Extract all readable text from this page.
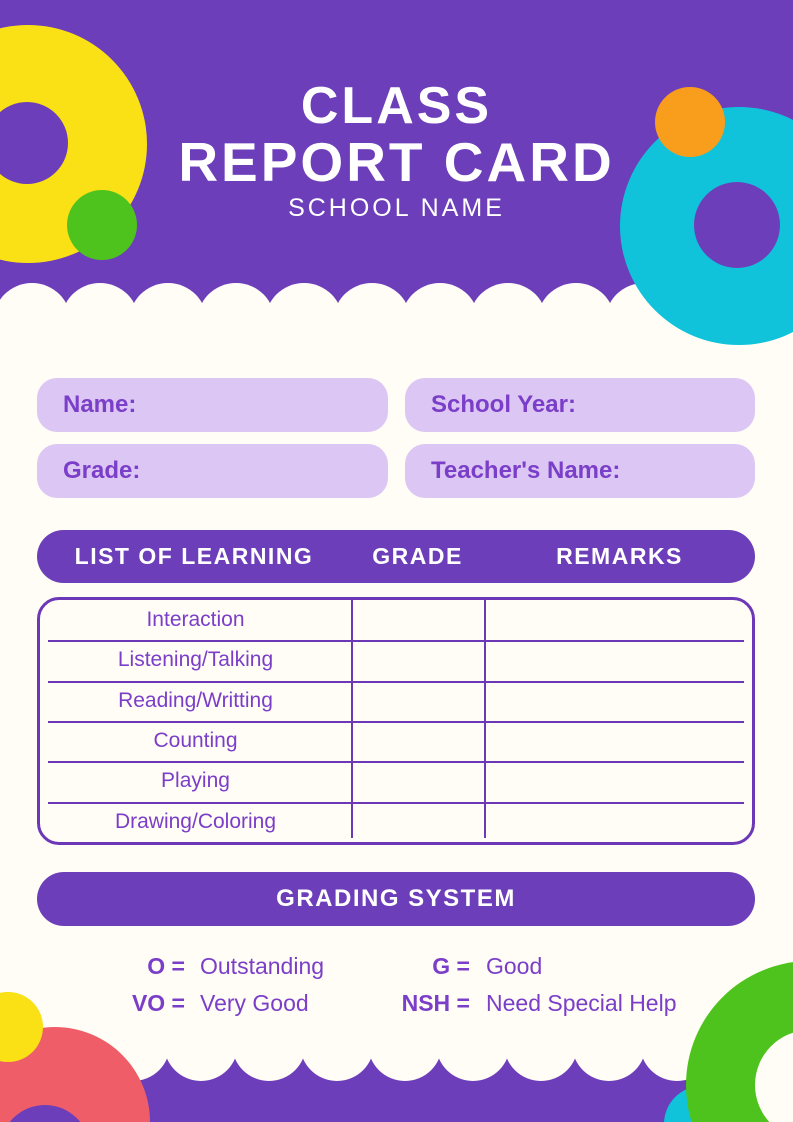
CLASS
REPORT CARD
SCHOOL NAME
Name:	School Year:
Grade:	Teacher's Name:
LIST OF LEARNING	GRADE	REMARKS
Interaction
Listening/Talking
Reading/Writting
Counting
Playing
Drawing/Coloring
GRADING SYSTEM
O = Outstanding
VO = Very Good
G = Good
NSH = Need Special Help
